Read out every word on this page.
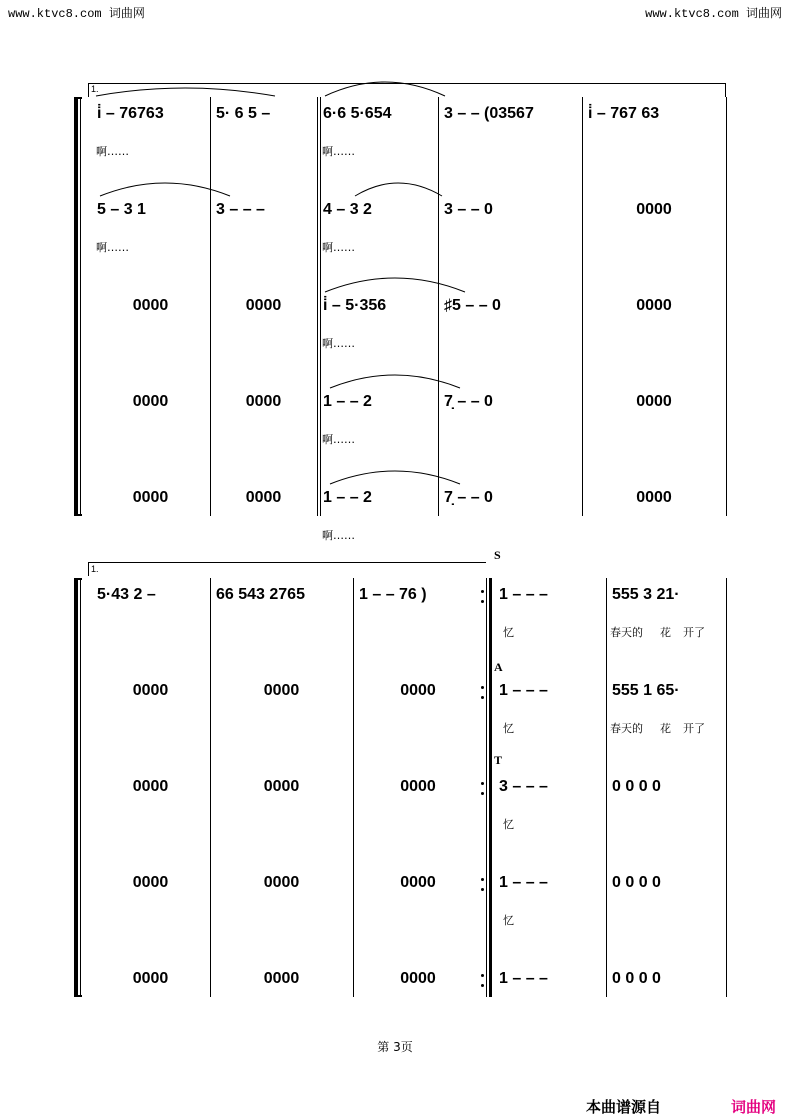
www.ktvc8.com 词曲网	www.ktvc8.com 词曲网
1.
i̇ – 76763	5· 6 5 –	6·6 5·654	3 – – (03567	i̇ – 767 63
啊……	啊……
5 – 3 1	3 – – –	4 – 3 2	3 – – 0	0000
啊……	啊……
0000	0000	i̇ – 5·356	♯5 – – 0	0000
啊……
0000	0000	1 – – 2	7̣ – – 0	0000
啊……
0000	0000	1 – – 2	7̣ – – 0	0000
啊……
1.
S
A
T
5·43 2 –	66 543 2765	1 – – 76 )	1 – – –	555 3 21·
忆	春天的 花 开了
0000	0000	0000	1 – – –	555 1 65·
忆	春天的 花 开了
0000	0000	0000	3 – – –	0 0 0 0
忆
0000	0000	0000	1 – – –	0 0 0 0
忆
0000	0000	0000	1 – – –	0 0 0 0
第 3页
本曲谱源自	词曲网
